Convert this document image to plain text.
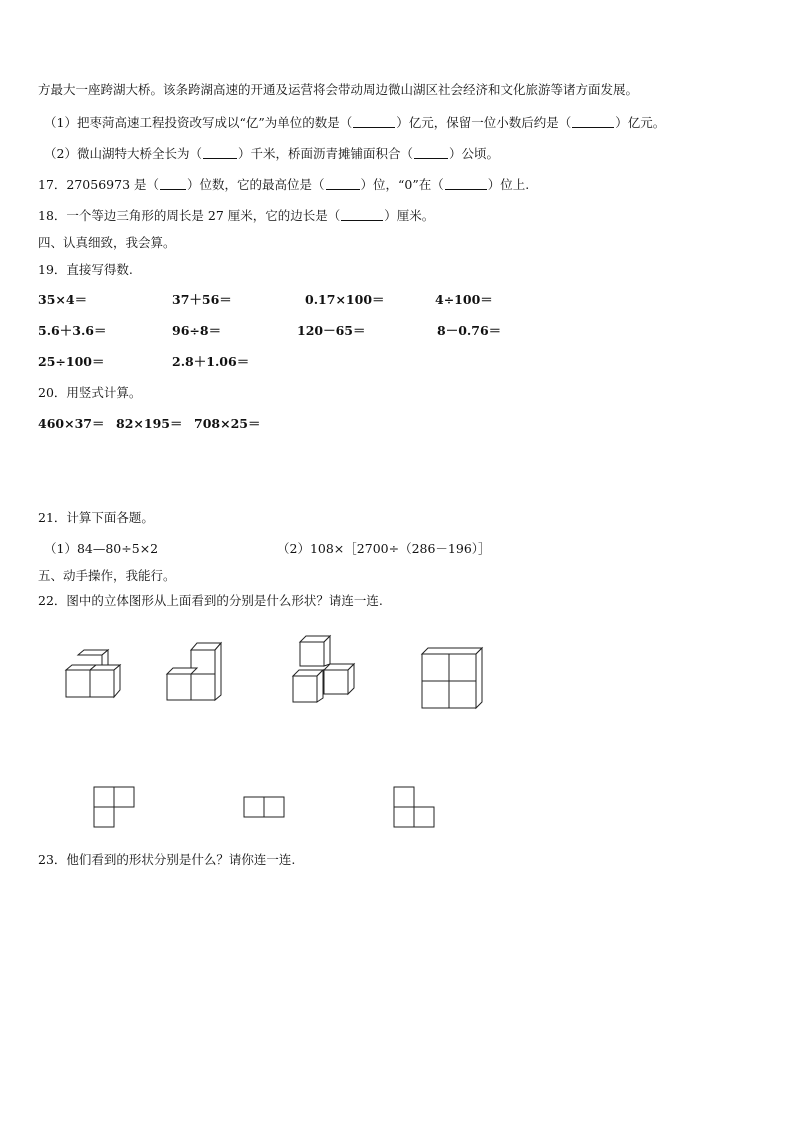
方最大一座跨湖大桥。该条跨湖高速的开通及运营将会带动周边微山湖区社会经济和文化旅游等诸方面发展。
（1）把枣菏高速工程投资改写成以“亿”为单位的数是（	）亿元，保留一位小数后约是（	）亿元。
（2）微山湖特大桥全长为（	）千米，桥面沥青摊铺面积合（	）公顷。
17．27056973 是（ ）位数，它的最高位是（	）位，“0”在（	）位上.
18．一个等边三角形的周长是 27 厘米，它的边长是（	）厘米。
四、认真细致，我会算。
19．直接写得数.
35×4＝	37＋56＝	0.17×100＝	4÷100＝
5.6＋3.6＝	96÷8＝	120－65＝	8－0.76＝
25÷100＝	2.8＋1.06＝
20．用竖式计算。
460×37＝ 82×195＝ 708×25＝
21．计算下面各题。
（1）84—80÷5×2	（2）108×［2700÷（286－196）］
五、动手操作，我能行。
22．图中的立体图形从上面看到的分别是什么形状？请连一连.
23．他们看到的形状分别是什么？请你连一连.
